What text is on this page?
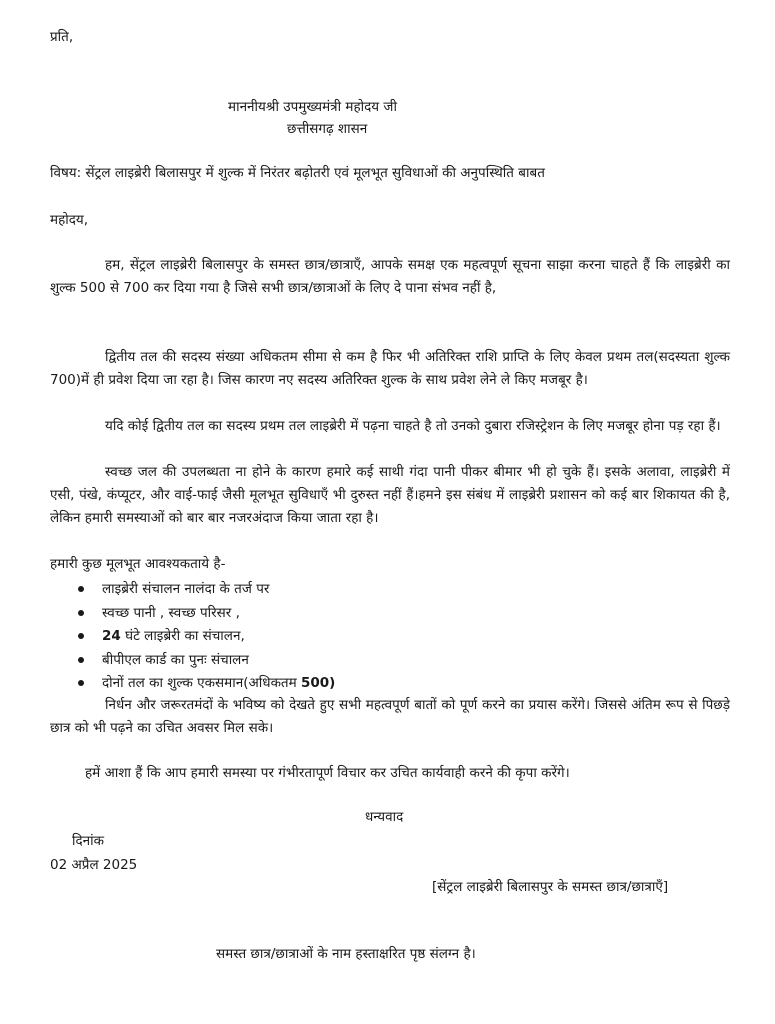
प्रति,
माननीयश्री उपमुख्यमंत्री महोदय जी
छत्तीसगढ़ शासन
विषय: सेंट्रल लाइब्रेरी बिलासपुर में शुल्क में निरंतर बढ़ोतरी एवं मूलभूत सुविधाओं की अनुपस्थिति बाबत
महोदय,
हम, सेंट्रल लाइब्रेरी बिलासपुर के समस्त छात्र/छात्राएँ, आपके समक्ष एक महत्वपूर्ण सूचना साझा करना चाहते हैं कि लाइब्रेरी का शुल्क 500 से 700 कर दिया गया है जिसे सभी छात्र/छात्राओं के लिए दे पाना संभव नहीं है,
द्वितीय तल की सदस्य संख्या अधिकतम सीमा से कम है फिर भी अतिरिक्त राशि प्राप्ति के लिए केवल प्रथम तल(सदस्यता शुल्क 700)में ही प्रवेश दिया जा रहा है। जिस कारण नए सदस्य अतिरिक्त शुल्क के साथ प्रवेश लेने ले किए मजबूर है।
यदि कोई द्वितीय तल का सदस्य प्रथम तल लाइब्रेरी में पढ़ना चाहते है तो उनको दुबारा रजिस्ट्रेशन के लिए मजबूर होना पड़ रहा हैं।
स्वच्छ जल की उपलब्धता ना होने के कारण हमारे कई साथी गंदा पानी पीकर बीमार भी हो चुके हैं। इसके अलावा, लाइब्रेरी में एसी, पंखे, कंप्यूटर, और वाई-फाई जैसी मूलभूत सुविधाएँ भी दुरुस्त नहीं हैं।हमने इस संबंध में लाइब्रेरी प्रशासन को कई बार शिकायत की है, लेकिन हमारी समस्याओं को बार बार नजरअंदाज किया जाता रहा है।
हमारी कुछ मूलभूत आवश्यकताये है-
लाइब्रेरी संचालन नालंदा के तर्ज पर
स्वच्छ पानी , स्वच्छ परिसर ,
24 घंटे लाइब्रेरी का संचालन,
बीपीएल कार्ड का पुनः संचालन
दोनों तल का शुल्क एकसमान(अधिकतम 500)
निर्धन और जरूरतमंदों के भविष्य को देखते हुए सभी महत्वपूर्ण बातों को पूर्ण करने का प्रयास करेंगे। जिससे अंतिम रूप से पिछड़े छात्र को भी पढ़ने का उचित अवसर मिल सके।
हमें आशा हैं कि आप हमारी समस्या पर गंभीरतापूर्ण विचार कर उचित कार्यवाही करने की कृपा करेंगे।
धन्यवाद
दिनांक
02 अप्रैल 2025
[सेंट्रल लाइब्रेरी बिलासपुर के समस्त छात्र/छात्राएँ]
समस्त छात्र/छात्राओं के नाम हस्ताक्षरित पृष्ठ संलग्न है।
